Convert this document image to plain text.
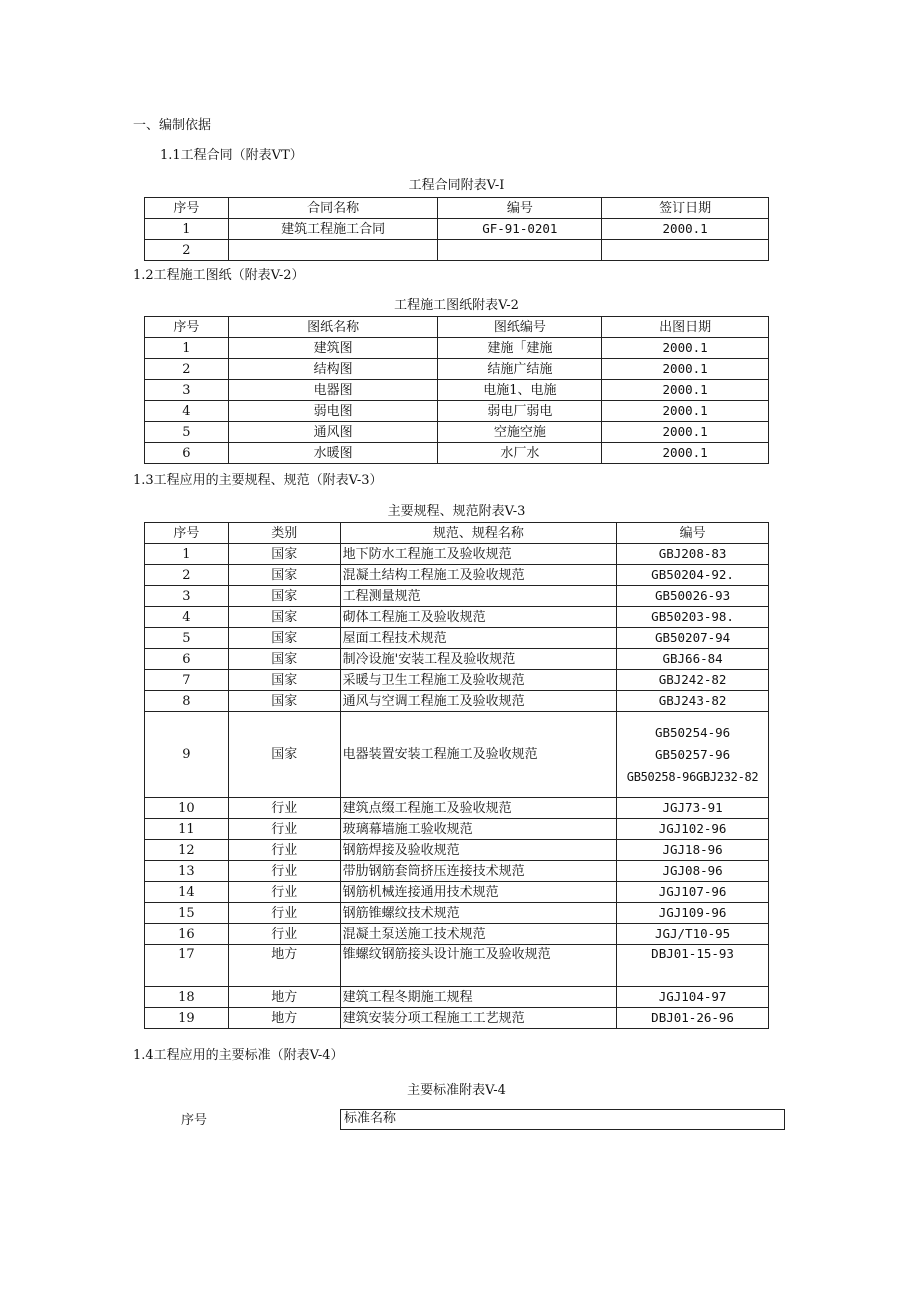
一、编制依据
1.1工程合同（附表VT）
工程合同附表V-I
序号	合同名称	编号	签订日期
1	建筑工程施工合同	GF-91-0201	2000.1
2			
1.2工程施工图纸（附表V-2）
工程施工图纸附表V-2
序号	图纸名称	图纸编号	出图日期
1	建筑图	建施「建施	2000.1
2	结构图	结施广结施	2000.1
3	电器图	电施1、电施	2000.1
4	弱电图	弱电厂弱电	2000.1
5	通风图	空施空施	2000.1
6	水暖图	水厂水	2000.1
1.3工程应用的主要规程、规范（附表V-3）
主要规程、规范附表V-3
序号	类别	规范、规程名称	编号
1	国家	地下防水工程施工及验收规范	GBJ208-83
2	国家	混凝土结构工程施工及验收规范	GB50204-92.
3	国家	工程测量规范	GB50026-93
4	国家	砌体工程施工及验收规范	GB50203-98.
5	国家	屋面工程技术规范	GB50207-94
6	国家	制冷设施'安装工程及验收规范	GBJ66-84
7	国家	采暖与卫生工程施工及验收规范	GBJ242-82
8	国家	通风与空调工程施工及验收规范	GBJ243-82
9	国家	电器装置安装工程施工及验收规范	GB50254-96
GB50257-96
GB50258-96GBJ232-82

10	行业	建筑点缀工程施工及验收规范	JGJ73-91
11	行业	玻璃幕墙施工验收规范	JGJ102-96
12	行业	钢筋焊接及验收规范	JGJ18-96
13	行业	带肋钢筋套筒挤压连接技术规范	JGJ08-96
14	行业	钢筋机械连接通用技术规范	JGJ107-96
15	行业	钢筋锥螺纹技术规范	JGJ109-96
16	行业	混凝土泵送施工技术规范	JGJ/T10-95
17	地方	锥螺纹钢筋接头设计施工及验收规范	DBJ01-15-93
18	地方	建筑工程冬期施工规程	JGJ104-97
19	地方	建筑安装分项工程施工工艺规范	DBJ01-26-96
1.4工程应用的主要标准（附表V-4）
主要标准附表V-4
序号	标准名称
